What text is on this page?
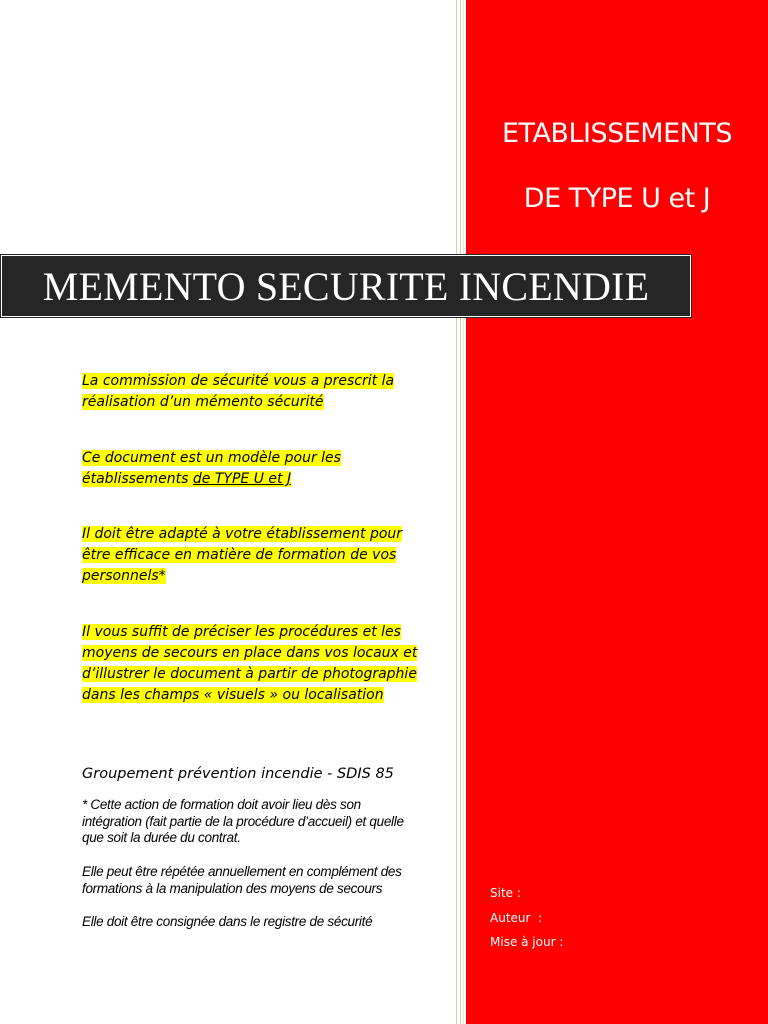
ETABLISSEMENTS
DE TYPE U et J
MEMENTO SECURITE INCENDIE
La commission de sécurité vous a prescrit la réalisation d’un mémento sécurité
Ce document est un modèle pour les établissements de TYPE U et J
Il doit être adapté à votre établissement pour être efficace en matière de formation de vos personnels*
Il vous suffit de préciser les procédures et les moyens de secours en place dans vos locaux et d’illustrer le document à partir de photographie dans les champs « visuels » ou localisation
Groupement prévention incendie - SDIS 85
* Cette action de formation doit avoir lieu dès son intégration (fait partie de la procédure d’accueil) et quelle que soit la durée du contrat.
Elle peut être répétée annuellement en complément des formations à la manipulation des moyens de secours
Elle doit être consignée dans le registre de sécurité
Site :
Auteur  :
Mise à jour :
